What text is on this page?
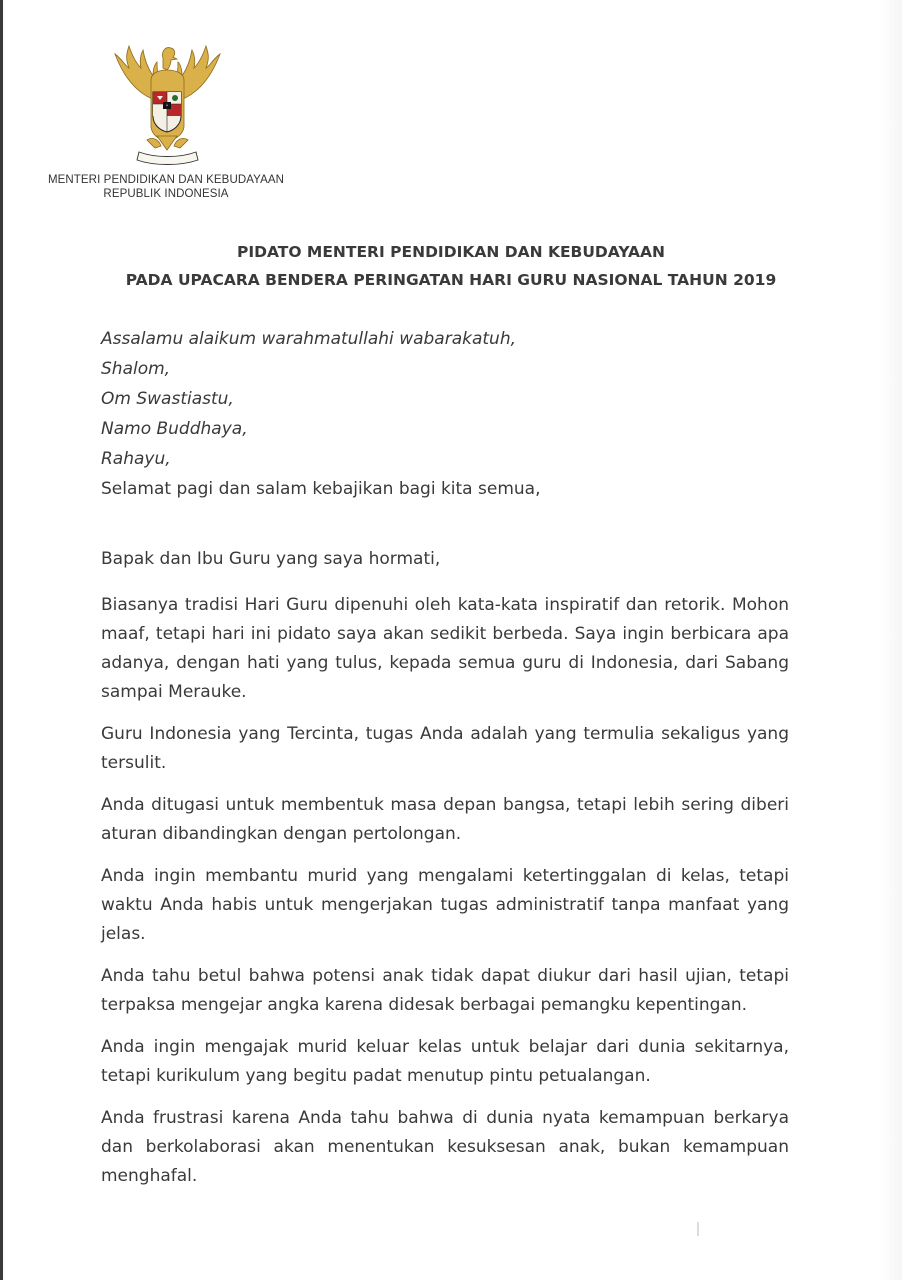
MENTERI PENDIDIKAN DAN KEBUDAYAAN
REPUBLIK INDONESIA
PIDATO MENTERI PENDIDIKAN DAN KEBUDAYAAN
PADA UPACARA BENDERA PERINGATAN HARI GURU NASIONAL TAHUN 2019
Assalamu alaikum warahmatullahi wabarakatuh,
Shalom,
Om Swastiastu,
Namo Buddhaya,
Rahayu,
Selamat pagi dan salam kebajikan bagi kita semua,

Bapak dan Ibu Guru yang saya hormati,

Biasanya tradisi Hari Guru dipenuhi oleh kata-kata inspiratif dan retorik. Mohon maaf, tetapi hari ini pidato saya akan sedikit berbeda. Saya ingin berbicara apa adanya, dengan hati yang tulus, kepada semua guru di Indonesia, dari Sabang sampai Merauke.

Guru Indonesia yang Tercinta, tugas Anda adalah yang termulia sekaligus yang tersulit.

Anda ditugasi untuk membentuk masa depan bangsa, tetapi lebih sering diberi aturan dibandingkan dengan pertolongan.

Anda ingin membantu murid yang mengalami ketertinggalan di kelas, tetapi waktu Anda habis untuk mengerjakan tugas administratif tanpa manfaat yang jelas.

Anda tahu betul bahwa potensi anak tidak dapat diukur dari hasil ujian, tetapi terpaksa mengejar angka karena didesak berbagai pemangku kepentingan.

Anda ingin mengajak murid keluar kelas untuk belajar dari dunia sekitarnya, tetapi kurikulum yang begitu padat menutup pintu petualangan.

Anda frustrasi karena Anda tahu bahwa di dunia nyata kemampuan berkarya dan berkolaborasi akan menentukan kesuksesan anak, bukan kemampuan menghafal.
